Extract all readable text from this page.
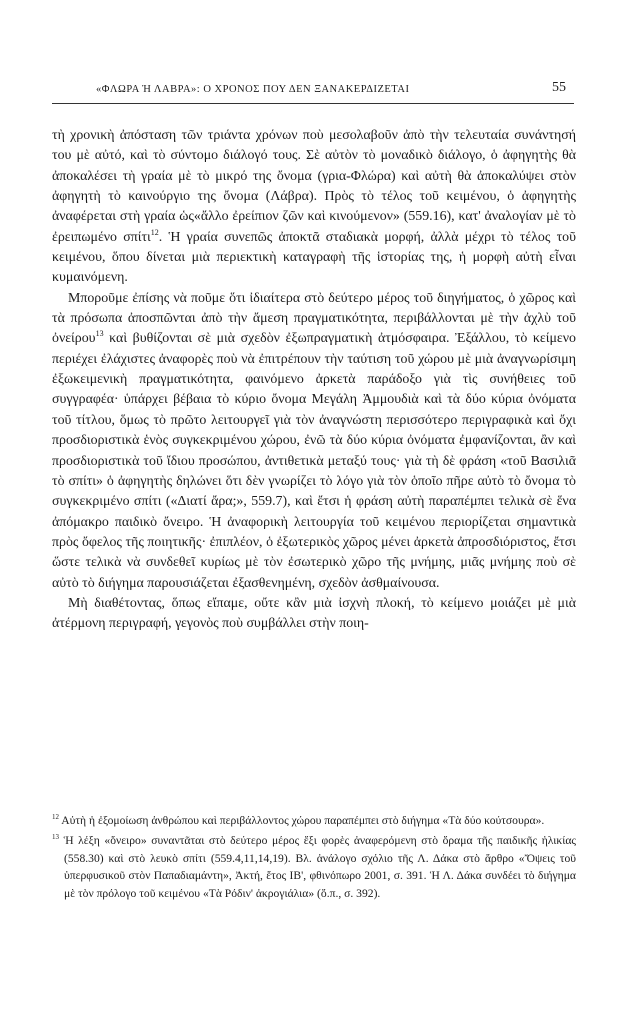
«ΦΛΩΡΑ Ή ΛΑΒΡΑ»: Ο ΧΡΟΝΟΣ ΠΟΥ ΔΕΝ ΞΑΝΑΚΕΡΔΙΖΕΤΑΙ	55

τὴ χρονικὴ ἀπόσταση τῶν τριάντα χρόνων ποὺ μεσολαβοῦν ἀπὸ τὴν τελευταία συνάντησή του μὲ αὐτό, καὶ τὸ σύντομο διάλογό τους. Σὲ αὐτὸν τὸ μοναδικὸ διάλογο, ὁ ἀφηγητὴς θὰ ἀποκαλέσει τὴ γραία μὲ τὸ μικρό της ὄνομα (γρια-Φλώρα) καὶ αὐτὴ θὰ ἀποκαλύψει στὸν ἀφηγητὴ τὸ καινούργιο της ὄνομα (Λάβρα). Πρὸς τὸ τέλος τοῦ κειμένου, ὁ ἀφηγητὴς ἀναφέρεται στὴ γραία ὡς«ἄλλο ἐρείπιον ζῶν καὶ κινούμενον» (559.16), κατ' ἀναλογίαν μὲ τὸ ἐρειπωμένο σπίτι$^{12}$. Ἡ γραία συνεπῶς ἀποκτᾶ σταδιακὰ μορφή, ἀλλὰ μέχρι τὸ τέλος τοῦ κειμένου, ὅπου δίνεται μιὰ περιεκτικὴ καταγραφὴ τῆς ἱστορίας της, ἡ μορφὴ αὐτὴ εἶναι κυμαινόμενη.

Μποροῦμε ἐπίσης νὰ ποῦμε ὅτι ἰδιαίτερα στὸ δεύτερο μέρος τοῦ διηγήματος, ὁ χῶρος καὶ τὰ πρόσωπα ἀποσπῶνται ἀπὸ τὴν ἄμεση πραγματικότητα, περιβάλλονται μὲ τὴν ἀχλὺ τοῦ ὀνείρου$^{13}$ καὶ βυθίζονται σὲ μιὰ σχεδὸν ἐξωπραγματικὴ ἀτμόσφαιρα. Ἐξάλλου, τὸ κείμενο περιέχει ἐλάχιστες ἀναφορὲς ποὺ νὰ ἐπιτρέπουν τὴν ταύτιση τοῦ χώρου μὲ μιὰ ἀναγνωρίσιμη ἐξωκειμενικὴ πραγματικότητα, φαινόμενο ἀρκετὰ παράδοξο γιὰ τὶς συνήθειες τοῦ συγγραφέα· ὑπάρχει βέβαια τὸ κύριο ὄνομα Μεγάλη Ἀμμουδιὰ καὶ τὰ δύο κύρια ὀνόματα τοῦ τίτλου, ὅμως τὸ πρῶτο λειτουργεῖ γιὰ τὸν ἀναγνώστη περισσότερο περιγραφικὰ καὶ ὄχι προσδιοριστικὰ ἑνὸς συγκεκριμένου χώρου, ἐνῶ τὰ δύο κύρια ὀνόματα ἐμφανίζονται, ἂν καὶ προσδιοριστικὰ τοῦ ἴδιου προσώπου, ἀντιθετικὰ μεταξύ τους· γιὰ τὴ δὲ φράση «τοῦ Βασιλιᾶ τὸ σπίτι» ὁ ἀφηγητὴς δηλώνει ὅτι δὲν γνωρίζει τὸ λόγο γιὰ τὸν ὁποῖο πῆρε αὐτὸ τὸ ὄνομα τὸ συγκεκριμένο σπίτι («Διατί ἄρα;», 559.7), καὶ ἔτσι ἡ φράση αὐτὴ παραπέμπει τελικὰ σὲ ἕνα ἀπόμακρο παιδικὸ ὄνειρο. Ἡ ἀναφορικὴ λειτουργία τοῦ κειμένου περιορίζεται σημαντικὰ πρὸς ὄφελος τῆς ποιητικῆς· ἐπιπλέον, ὁ ἐξωτερικὸς χῶρος μένει ἀρκετὰ ἀπροσδιόριστος, ἔτσι ὥστε τελικὰ νὰ συνδεθεῖ κυρίως μὲ τὸν ἐσωτερικὸ χῶρο τῆς μνήμης, μιᾶς μνήμης ποὺ σὲ αὐτὸ τὸ διήγημα παρουσιάζεται ἐξασθενημένη, σχεδὸν ἀσθμαίνουσα.

Μὴ διαθέτοντας, ὅπως εἴπαμε, οὔτε κἂν μιὰ ἰσχνὴ πλοκή, τὸ κείμενο μοιάζει μὲ μιὰ ἀτέρμονη περιγραφή, γεγονὸς ποὺ συμβάλλει στὴν ποιη-

$^{12}$ Αὐτὴ ἡ ἐξομοίωση ἀνθρώπου καὶ περιβάλλοντος χώρου παραπέμπει στὸ διήγημα «Τὰ δύο κούτσουρα».

$^{13}$ Ἡ λέξη «ὄνειρο» συναντᾶται στὸ δεύτερο μέρος ἔξι φορὲς ἀναφερόμενη στὸ ὅραμα τῆς παιδικῆς ἡλικίας (558.30) καὶ στὸ λευκὸ σπίτι (559.4,11,14,19). Βλ. ἀνάλογο σχόλιο τῆς Λ. Δάκα στὸ ἄρθρο «Ὄψεις τοῦ ὑπερφυσικοῦ στὸν Παπαδιαμάντη», Ἀκτή, ἔτος ΙΒ', φθινόπωρο 2001, σ. 391. Ἡ Λ. Δάκα συνδέει τὸ διήγημα μὲ τὸν πρόλογο τοῦ κειμένου «Τὰ Ρόδιν' ἀκρογιάλια» (ὅ.π., σ. 392).
